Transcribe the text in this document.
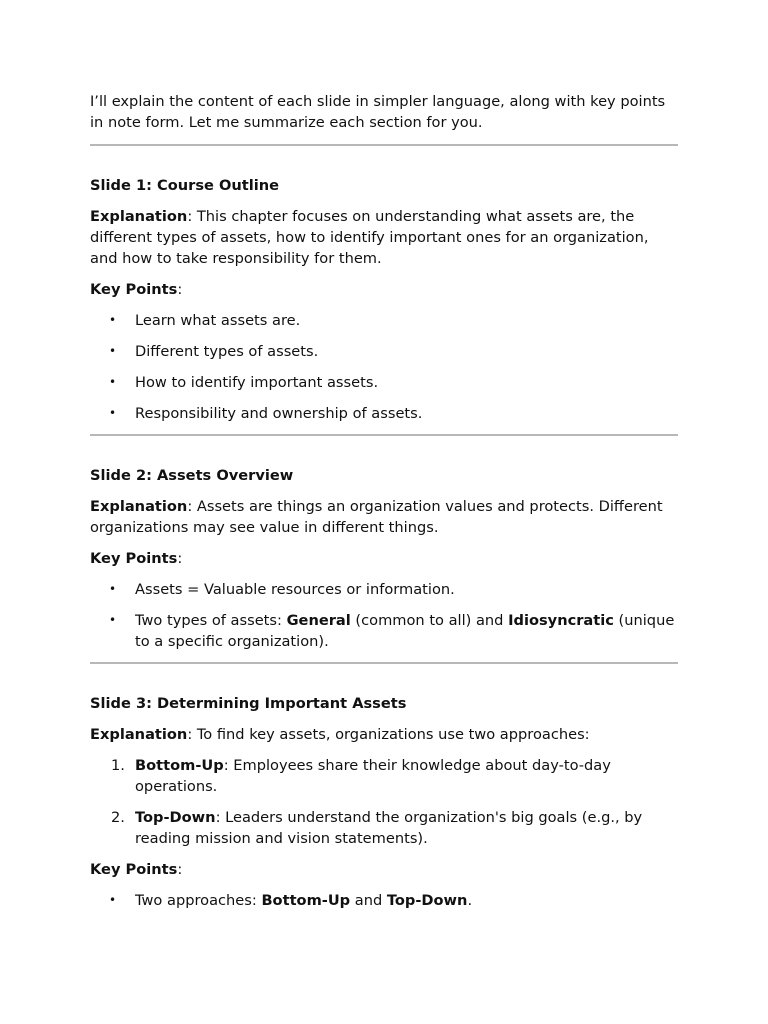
I’ll explain the content of each slide in simpler language, along with key points in note form. Let me summarize each section for you.

Slide 1: Course Outline

Explanation: This chapter focuses on understanding what assets are, the different types of assets, how to identify important ones for an organization, and how to take responsibility for them.

Key Points:

• Learn what assets are.
• Different types of assets.
• How to identify important assets.
• Responsibility and ownership of assets.

Slide 2: Assets Overview

Explanation: Assets are things an organization values and protects. Different organizations may see value in different things.

Key Points:

• Assets = Valuable resources or information.
• Two types of assets: General (common to all) and Idiosyncratic (unique to a specific organization).

Slide 3: Determining Important Assets

Explanation: To find key assets, organizations use two approaches:

1. Bottom-Up: Employees share their knowledge about day-to-day operations.
2. Top-Down: Leaders understand the organization's big goals (e.g., by reading mission and vision statements).

Key Points:

• Two approaches: Bottom-Up and Top-Down.
